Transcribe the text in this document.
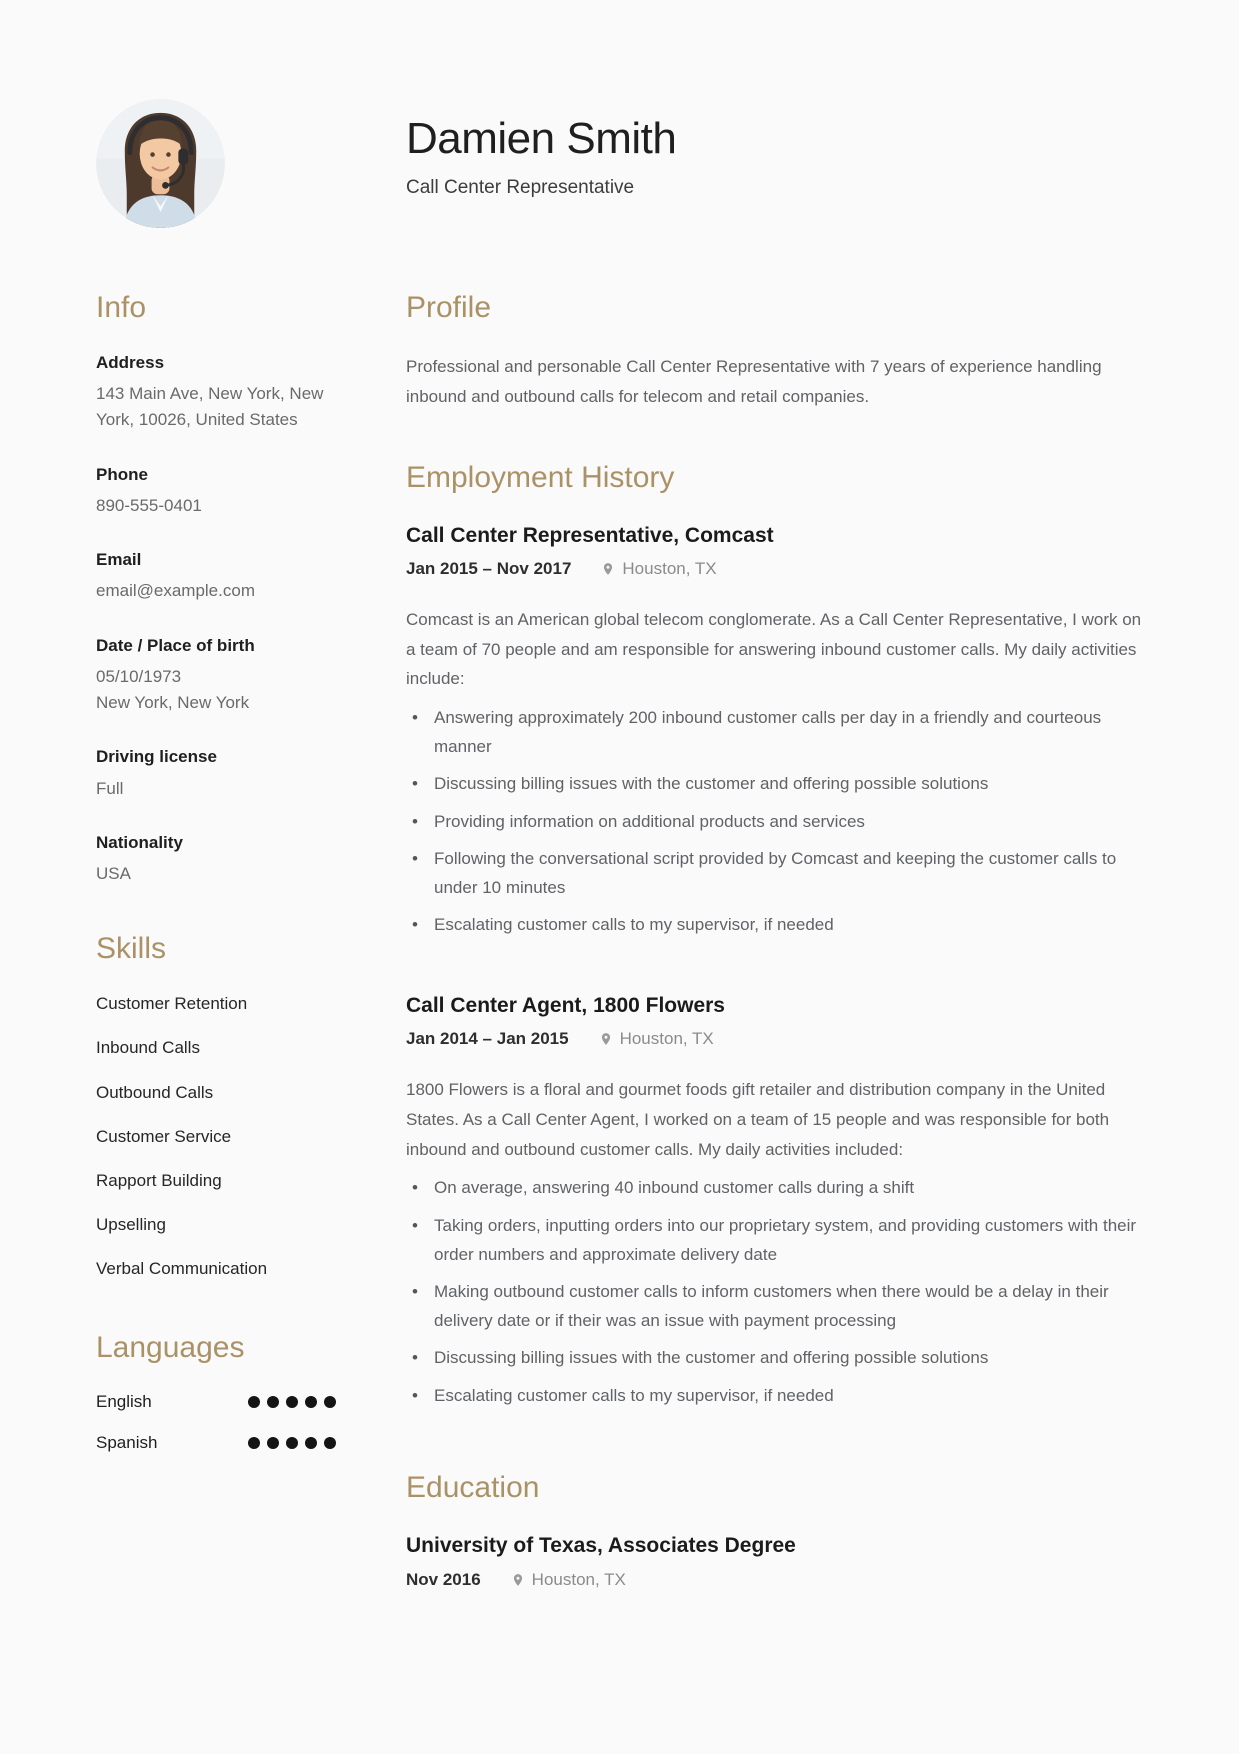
Damien Smith
Call Center Representative
Info
Address
143 Main Ave, New York, New York, 10026, United States
Phone
890-555-0401
Email
email@example.com
Date / Place of birth
05/10/1973
New York, New York
Driving license
Full
Nationality
USA
Skills
Customer Retention
Inbound Calls
Outbound Calls
Customer Service
Rapport Building
Upselling
Verbal Communication
Languages
English
Spanish
Profile

Professional and personable Call Center Representative with 7 years of experience handling inbound and outbound calls for telecom and retail companies.

Employment History
Call Center Representative, Comcast
Jan 2015 – Nov 2017	Houston, TX

Comcast is an American global telecom conglomerate. As a Call Center Representative, I work on a team of 70 people and am responsible for answering inbound customer calls. My daily activities include:

• Answering approximately 200 inbound customer calls per day in a friendly and courteous manner
• Discussing billing issues with the customer and offering possible solutions
• Providing information on additional products and services
• Following the conversational script provided by Comcast and keeping the customer calls to under 10 minutes
• Escalating customer calls to my supervisor, if needed
Call Center Agent, 1800 Flowers
Jan 2014 – Jan 2015	Houston, TX

1800 Flowers is a floral and gourmet foods gift retailer and distribution company in the United States. As a Call Center Agent, I worked on a team of 15 people and was responsible for both inbound and outbound customer calls. My daily activities included:

• On average, answering 40 inbound customer calls during a shift
• Taking orders, inputting orders into our proprietary system, and providing customers with their order numbers and approximate delivery date
• Making outbound customer calls to inform customers when there would be a delay in their delivery date or if their was an issue with payment processing
• Discussing billing issues with the customer and offering possible solutions
• Escalating customer calls to my supervisor, if needed
Education
University of Texas, Associates Degree
Nov 2016	Houston, TX
